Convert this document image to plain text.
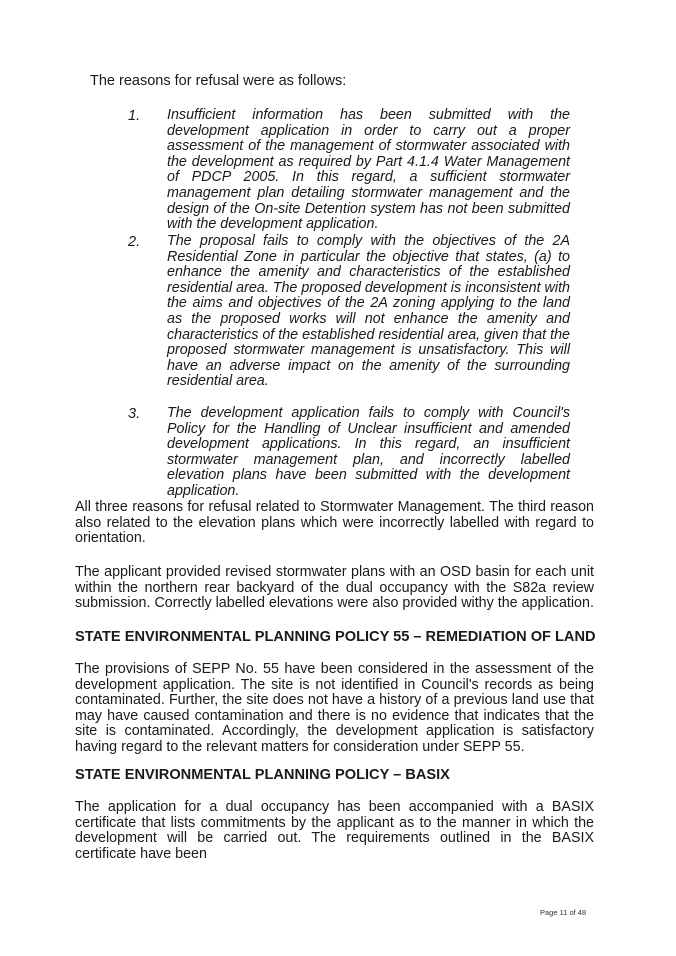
The reasons for refusal were as follows:

1. Insufficient information has been submitted with the development application in order to carry out a proper assessment of the management of stormwater associated with the development as required by Part 4.1.4 Water Management of PDCP 2005. In this regard, a sufficient stormwater management plan detailing stormwater management and the design of the On-site Detention system has not been submitted with the development application.

2. The proposal fails to comply with the objectives of the 2A Residential Zone in particular the objective that states, (a) to enhance the amenity and characteristics of the established residential area. The proposed development is inconsistent with the aims and objectives of the 2A zoning applying to the land as the proposed works will not enhance the amenity and characteristics of the established residential area, given that the proposed stormwater management is unsatisfactory. This will have an adverse impact on the amenity of the surrounding residential area.

3. The development application fails to comply with Council's Policy for the Handling of Unclear insufficient and amended development applications. In this regard, an insufficient stormwater management plan, and incorrectly labelled elevation plans have been submitted with the development application.

All three reasons for refusal related to Stormwater Management. The third reason also related to the elevation plans which were incorrectly labelled with regard to orientation.

The applicant provided revised stormwater plans with an OSD basin for each unit within the northern rear backyard of the dual occupancy with the S82a review submission. Correctly labelled elevations were also provided withy the application.

STATE ENVIRONMENTAL PLANNING POLICY 55 – REMEDIATION OF LAND

The provisions of SEPP No. 55 have been considered in the assessment of the development application. The site is not identified in Council's records as being contaminated. Further, the site does not have a history of a previous land use that may have caused contamination and there is no evidence that indicates that the site is contaminated. Accordingly, the development application is satisfactory having regard to the relevant matters for consideration under SEPP 55.

STATE ENVIRONMENTAL PLANNING POLICY – BASIX

The application for a dual occupancy has been accompanied with a BASIX certificate that lists commitments by the applicant as to the manner in which the development will be carried out. The requirements outlined in the BASIX certificate have been

Page 11 of 48
